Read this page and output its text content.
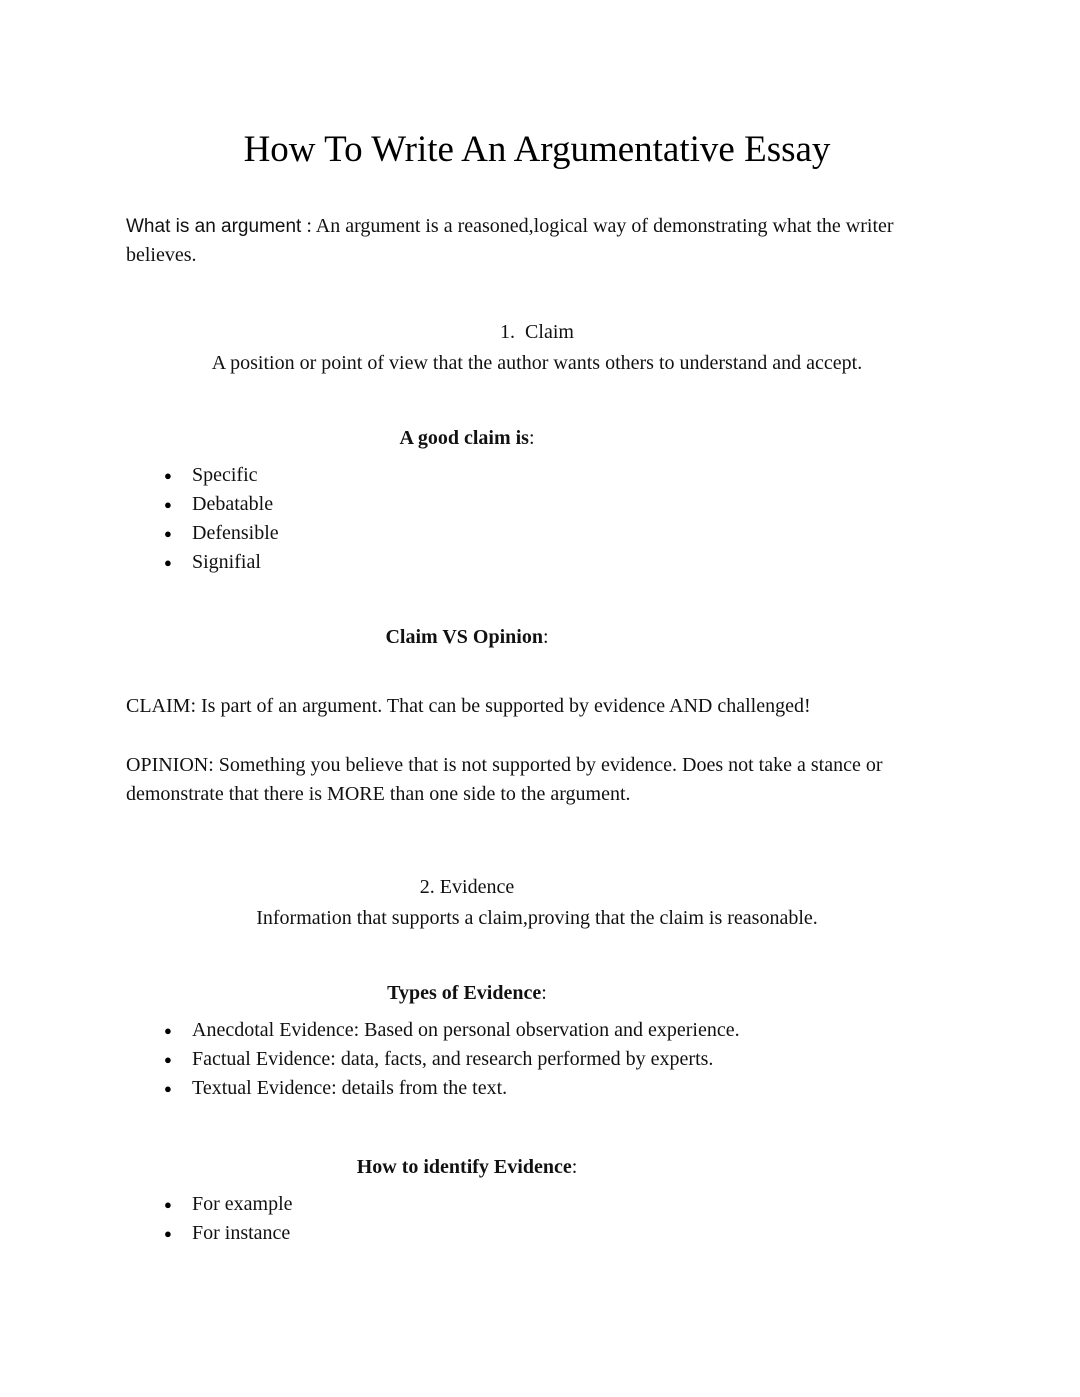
How To Write An Argumentative Essay

What is an argument : An argument is a reasoned,logical way of demonstrating what the writer  believes.

1.  Claim

A position or point of view that the author wants others to understand and accept.

A good claim is:

● Specific
● Debatable
● Defensible
● Signifial

Claim VS Opinion:

CLAIM: Is part of an argument. That can be supported by evidence AND challenged!

OPINION: Something you believe that is not supported by evidence. Does not take a stance or demonstrate that there is MORE than one side to the argument.

2. Evidence

Information that supports a claim,proving that the claim is reasonable.

Types of Evidence:

● Anecdotal Evidence: Based on personal observation and experience.
● Factual Evidence: data, facts, and research performed by experts.
● Textual Evidence: details from the text.

How to identify Evidence:

● For example
● For instance
